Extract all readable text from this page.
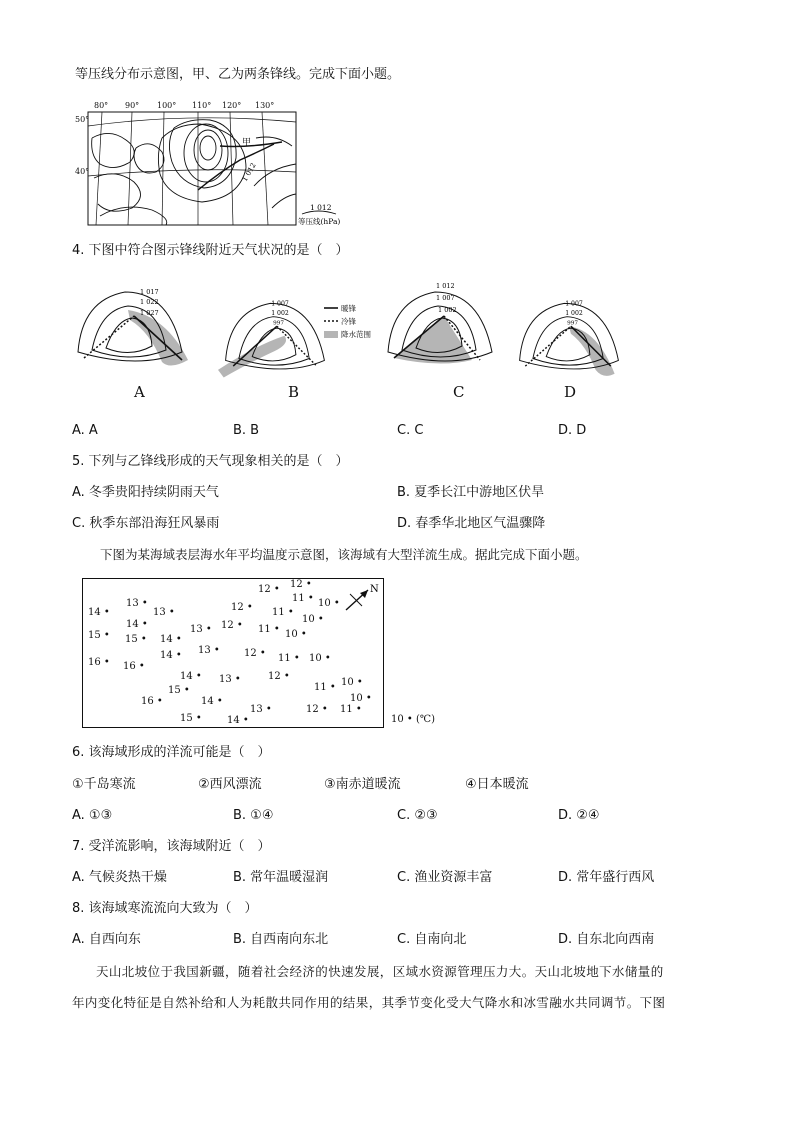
等压线分布示意图，甲、乙为两条锋线。完成下面小题。
80° 90° 100° 110° 120° 130°
50°
40°
甲
1 012
1 012
等压线(hPa)
4. 下图中符合图示锋线附近天气状况的是（　）
1 017
1 022
1 027
1 007
1 002
997
暖锋
冷锋
降水范围
1 012
1 007
1 002
1 007
1 002
997
A	B	C	D
A. A	B. B	C. C	D. D
5. 下列与乙锋线形成的天气现象相关的是（　）
A. 冬季贵阳持续阴雨天气	B. 夏季长江中游地区伏旱
C. 秋季东部沿海狂风暴雨	D. 春季华北地区气温骤降
下图为某海域表层海水年平均温度示意图，该海域有大型洋流生成。据此完成下面小题。
12 • 12 •
14 •
13 •
13 •	12 • 11 •
11 • 10 •
14 •	13 • 12 • 11 •
10 •
15 • 15 • 14 •	10 •
13 •
14 •	12 • 11 • 10 •
16 • 16 •
14 • 13 •	12 •
11 • 10 •
15 •
10 •
16 •	14 •
13 •	12 • 11 •
15 •	14 •
N
10 • (℃)
6. 该海域形成的洋流可能是（　）
①千岛寒流	②西风漂流	③南赤道暖流	④日本暖流
A. ①③	B. ①④	C. ②③	D. ②④
7. 受洋流影响，该海域附近（　）
A. 气候炎热干燥	B. 常年温暖湿润	C. 渔业资源丰富	D. 常年盛行西风
8. 该海域寒流流向大致为（　）
A. 自西向东	B. 自西南向东北	C. 自南向北	D. 自东北向西南
天山北坡位于我国新疆，随着社会经济的快速发展，区域水资源管理压力大。天山北坡地下水储量的
年内变化特征是自然补给和人为耗散共同作用的结果，其季节变化受大气降水和冰雪融水共同调节。下图
